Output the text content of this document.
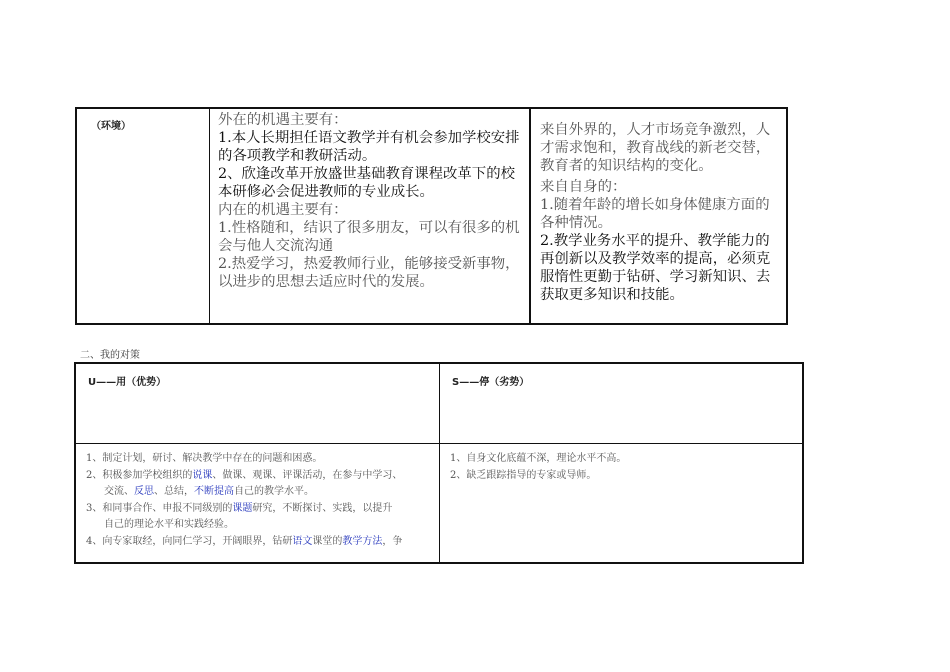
（环境）	外在的机遇主要有：

1.本人长期担任语文教学并有机会参加学校安排的各项教学和教研活动。

2、欣逢改革开放盛世基础教育课程改革下的校本研修必会促进教师的专业成长。

内在的机遇主要有：

1.性格随和，结识了很多朋友，可以有很多的机会与他人交流沟通

2.热爱学习，热爱教师行业，能够接受新事物，以进步的思想去适应时代的发展。

来自外界的，人才市场竞争激烈，人才需求饱和，教育战线的新老交替，教育者的知识结构的变化。

来自自身的：

1.随着年龄的增长如身体健康方面的各种情况。

2.教学业务水平的提升、教学能力的再创新以及教学效率的提高，必须克服惰性更勤于钻研、学习新知识、去获取更多知识和技能。

二、我的对策
U——用（优势）	S——停（劣势）

1、制定计划，研讨、解决教学中存在的问题和困惑。

2、积极参加学校组织的说课、做课、观课、评课活动，在参与中学习、

交流、反思、总结，不断提高自己的教学水平。

3、和同事合作、申报不同级别的课题研究，不断探讨、实践，以提升

自己的理论水平和实践经验。

4、向专家取经，向同仁学习，开阔眼界，钻研语文课堂的教学方法，争

1、自身文化底蕴不深，理论水平不高。

2、缺乏跟踪指导的专家或导师。
